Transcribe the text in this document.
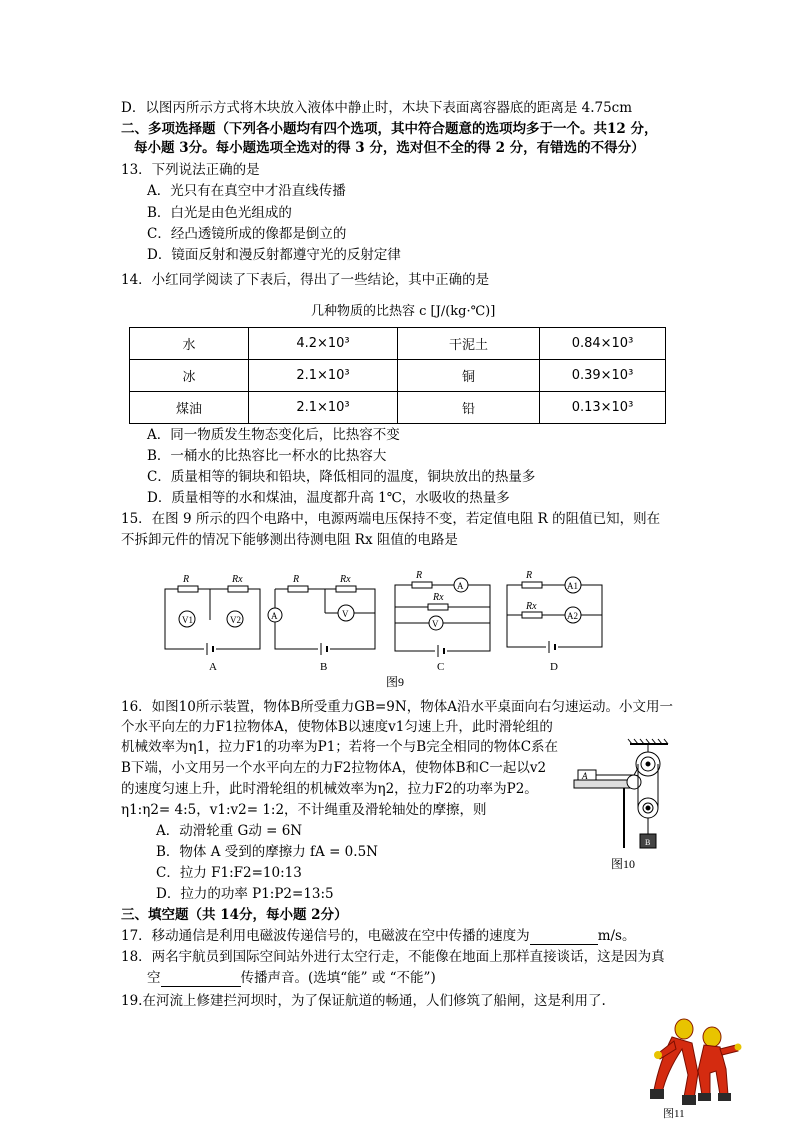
D．以图丙所示方式将木块放入液体中静止时，木块下表面离容器底的距离是 4.75cm
二、多项选择题（下列各小题均有四个选项，其中符合题意的选项均多于一个。共12 分，
每小题 3分。每小题选项全选对的得 3 分，选对但不全的得 2 分，有错选的不得分）
13．下列说法正确的是
A．光只有在真空中才沿直线传播
B．白光是由色光组成的
C．经凸透镜所成的像都是倒立的
D．镜面反射和漫反射都遵守光的反射定律
14．小红同学阅读了下表后，得出了一些结论，其中正确的是
几种物质的比热容 c [J/(kg·℃)]
水	4.2×10³	干泥土	0.84×10³
冰	2.1×10³	铜	0.39×10³
煤油	2.1×10³	铅	0.13×10³
A．同一物质发生物态变化后，比热容不变
B．一桶水的比热容比一杯水的比热容大
C．质量相等的铜块和铅块，降低相同的温度，铜块放出的热量多
D．质量相等的水和煤油，温度都升高 1℃，水吸收的热量多
15．在图 9 所示的四个电路中，电源两端电压保持不变，若定值电阻 R 的阻值已知，则在
不拆卸元件的情况下能够测出待测电阻 Rx 阻值的电路是
R	Rx
V1	V2
A
R	Rx
A	V
B
R
Rx
A
V
C
R
Rx
A1
A2
D
图9
16．如图10所示装置，物体B所受重力GB=9N，物体A沿水平桌面向右匀速运动。小文用一
个水平向左的力F1拉物体A，使物体B以速度v1匀速上升，此时滑轮组的
机械效率为η1，拉力F1的功率为P1；若将一个与B完全相同的物体C系在
B下端，小文用另一个水平向左的力F2拉物体A，使物体B和C一起以v2
的速度匀速上升，此时滑轮组的机械效率为η2，拉力F2的功率为P2。
η1:η2= 4:5，v1:v2= 1:2，不计绳重及滑轮轴处的摩擦，则
A．动滑轮重 G动 = 6N
B．物体 A 受到的摩擦力 fA = 0.5N
C．拉力 F1:F2=10:13
D．拉力的功率 P1:P2=13:5
A
B
图10
三、填空题（共 14分，每小题 2分）
17．移动通信是利用电磁波传递信号的，电磁波在空中传播的速度为	m/s。
18．两名宇航员到国际空间站外进行太空行走，不能像在地面上那样直接谈话，这是因为真
空	传播声音。(选填“能” 或 “不能”)
19.在河流上修建拦河坝时，为了保证航道的畅通，人们修筑了船闸，这是利用了.
图11
